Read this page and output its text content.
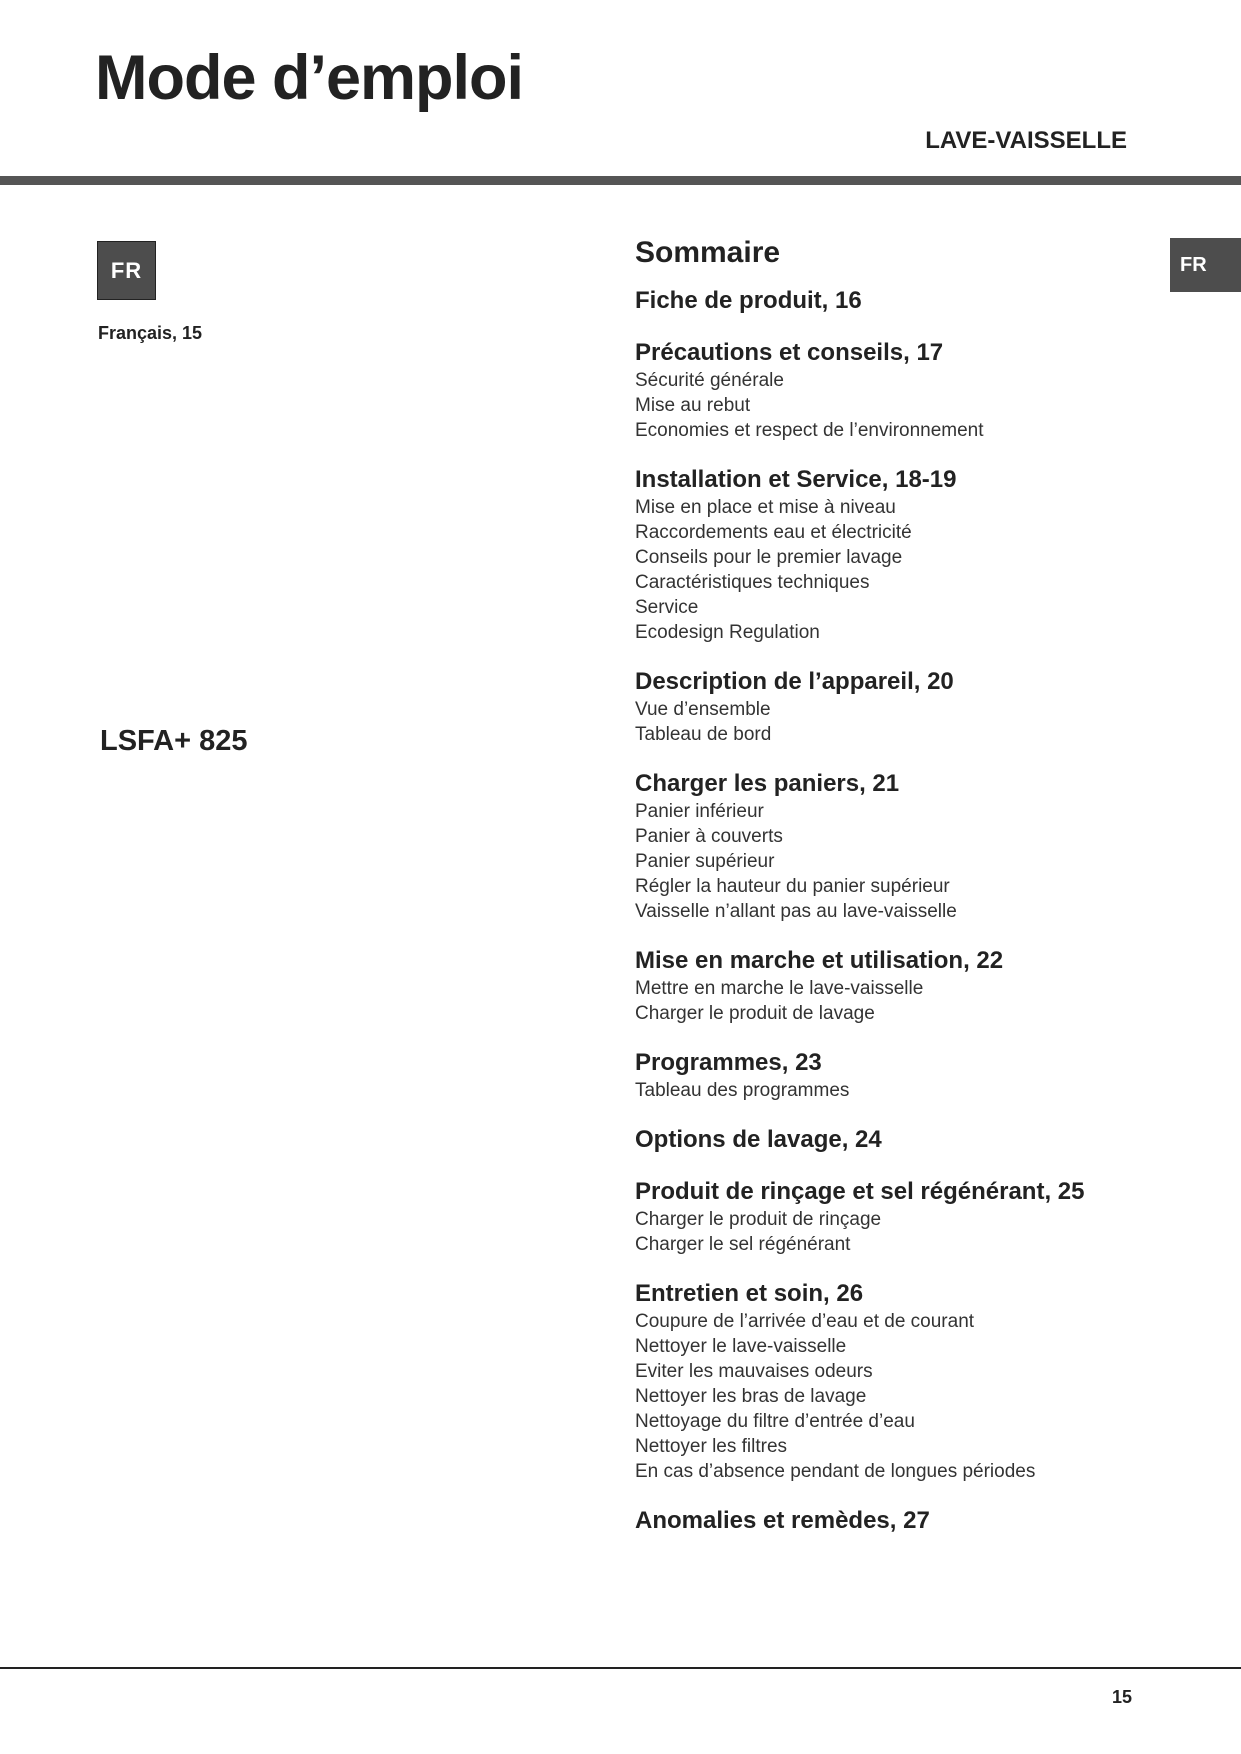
Mode d’emploi
LAVE-VAISSELLE
FR
Français, 15
LSFA+ 825
FR
Sommaire
Fiche de produit, 16
Précautions et conseils, 17
Sécurité générale
Mise au rebut
Economies et respect de l’environnement
Installation et Service, 18-19
Mise en place et mise à niveau
Raccordements eau et électricité
Conseils pour le premier lavage
Caractéristiques techniques
Service
Ecodesign Regulation
Description de l’appareil, 20
Vue d’ensemble
Tableau de bord
Charger les paniers, 21
Panier inférieur
Panier à couverts
Panier supérieur
Régler la hauteur du panier supérieur
Vaisselle n’allant pas au lave-vaisselle
Mise en marche et utilisation, 22
Mettre en marche le lave-vaisselle
Charger le produit de lavage
Programmes, 23
Tableau des programmes
Options de lavage, 24
Produit de rinçage et sel régénérant, 25
Charger le produit de rinçage
Charger le sel régénérant
Entretien et soin, 26
Coupure de l’arrivée d’eau et de courant
Nettoyer le lave-vaisselle
Eviter les mauvaises odeurs
Nettoyer les bras de lavage
Nettoyage du filtre d’entrée d’eau
Nettoyer les filtres
En cas d’absence pendant de longues périodes
Anomalies et remèdes, 27
15
